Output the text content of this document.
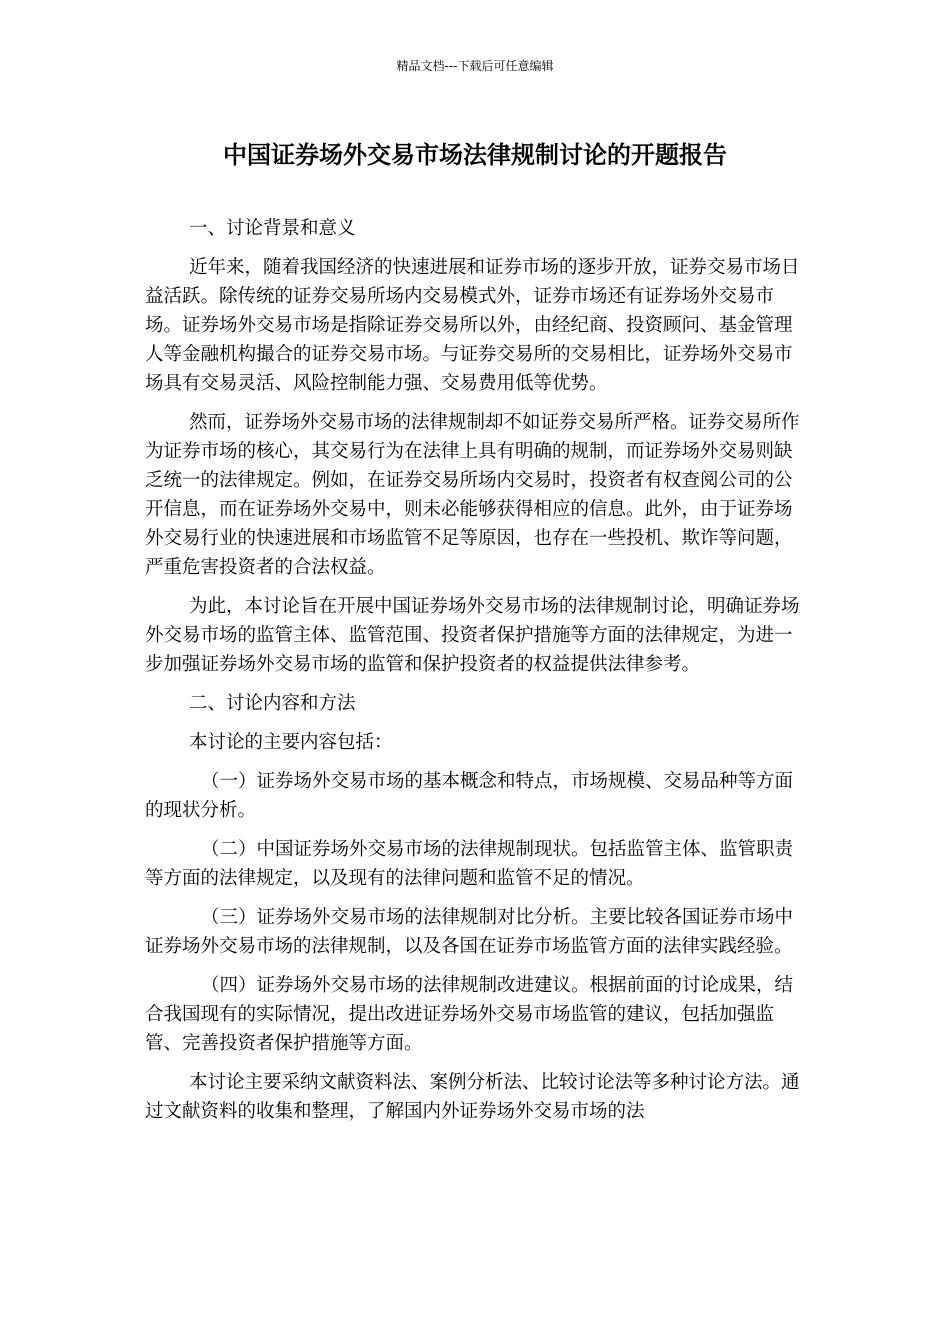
精品文档---下载后可任意编辑
中国证券场外交易市场法律规制讨论的开题报告

一、讨论背景和意义

近年来，随着我国经济的快速进展和证券市场的逐步开放，证券交易市场日益活跃。除传统的证券交易所场内交易模式外，证券市场还有证券场外交易市场。证券场外交易市场是指除证券交易所以外，由经纪商、投资顾问、基金管理人等金融机构撮合的证券交易市场。与证券交易所的交易相比，证券场外交易市场具有交易灵活、风险控制能力强、交易费用低等优势。

然而，证券场外交易市场的法律规制却不如证券交易所严格。证券交易所作为证券市场的核心，其交易行为在法律上具有明确的规制，而证券场外交易则缺乏统一的法律规定。例如，在证券交易所场内交易时，投资者有权查阅公司的公开信息，而在证券场外交易中，则未必能够获得相应的信息。此外，由于证券场外交易行业的快速进展和市场监管不足等原因，也存在一些投机、欺诈等问题，严重危害投资者的合法权益。

为此，本讨论旨在开展中国证券场外交易市场的法律规制讨论，明确证券场外交易市场的监管主体、监管范围、投资者保护措施等方面的法律规定，为进一步加强证券场外交易市场的监管和保护投资者的权益提供法律参考。

二、讨论内容和方法

本讨论的主要内容包括：

（一）证券场外交易市场的基本概念和特点，市场规模、交易品种等方面的现状分析。

（二）中国证券场外交易市场的法律规制现状。包括监管主体、监管职责等方面的法律规定，以及现有的法律问题和监管不足的情况。

（三）证券场外交易市场的法律规制对比分析。主要比较各国证券市场中证券场外交易市场的法律规制，以及各国在证券市场监管方面的法律实践经验。

（四）证券场外交易市场的法律规制改进建议。根据前面的讨论成果，结合我国现有的实际情况，提出改进证券场外交易市场监管的建议，包括加强监管、完善投资者保护措施等方面。

本讨论主要采纳文献资料法、案例分析法、比较讨论法等多种讨论方法。通过文献资料的收集和整理，了解国内外证券场外交易市场的法
